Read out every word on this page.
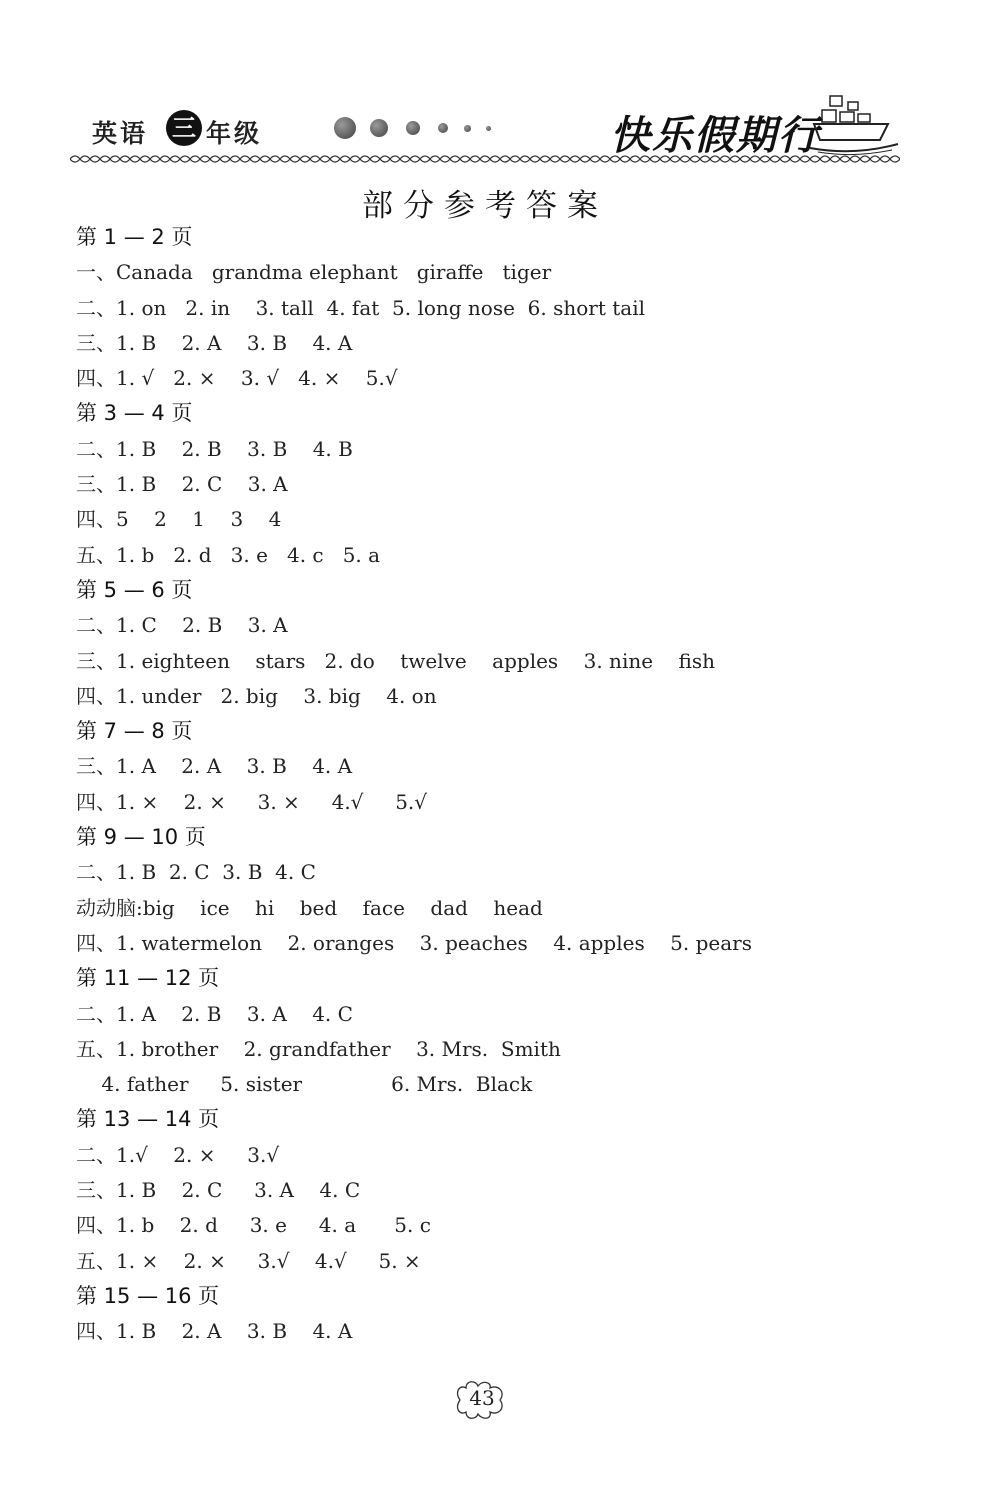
英语 三 年级	快乐假期行
部分参考答案
第 1 — 2 页
一、Canada   grandma elephant   giraffe   tiger
二、1. on   2. in    3. tall  4. fat  5. long nose  6. short tail
三、1. B    2. A    3. B    4. A
四、1. √   2. ×    3. √   4. ×    5.√
第 3 — 4 页
二、1. B    2. B    3. B    4. B
三、1. B    2. C    3. A
四、5    2    1    3    4
五、1. b   2. d   3. e   4. c   5. a
第 5 — 6 页
二、1. C    2. B    3. A
三、1. eighteen    stars   2. do    twelve    apples    3. nine    fish
四、1. under   2. big    3. big    4. on
第 7 — 8 页
三、1. A    2. A    3. B    4. A
四、1. ×    2. ×     3. ×     4.√     5.√
第 9 — 10 页
二、1. B  2. C  3. B  4. C
动动脑:big    ice    hi    bed    face    dad    head
四、1. watermelon    2. oranges    3. peaches    4. apples    5. pears
第 11 — 12 页
二、1. A    2. B    3. A    4. C
五、1. brother    2. grandfather    3. Mrs.  Smith
4. father     5. sister              6. Mrs.  Black
第 13 — 14 页
二、1.√    2. ×     3.√
三、1. B    2. C     3. A    4. C
四、1. b    2. d     3. e     4. a      5. c
五、1. ×    2. ×     3.√    4.√     5. ×
第 15 — 16 页
四、1. B    2. A    3. B    4. A
43
